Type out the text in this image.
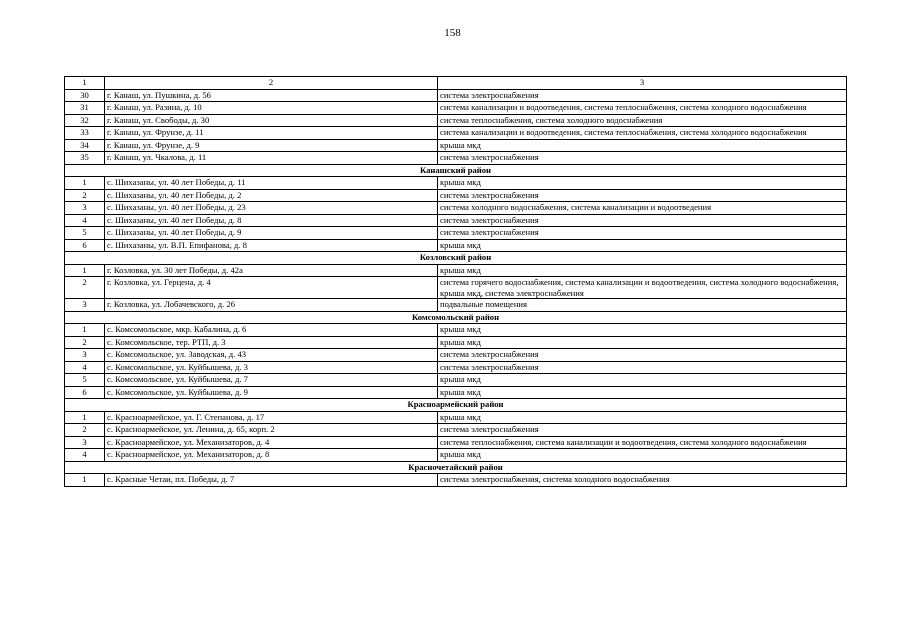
158
1	2	3
30	г. Канаш, ул. Пушкина, д. 56	система электроснабжения
31	г. Канаш, ул. Разина, д. 10	система канализации и водоотведения, система теплоснабжения, система холодного водоснабжения
32	г. Канаш, ул. Свободы, д. 30	система теплоснабжения, система холодного водоснабжения
33	г. Канаш, ул. Фрунзе, д. 11	система канализации и водоотведения, система теплоснабжения, система холодного водоснабжения
34	г. Канаш, ул. Фрунзе, д. 9	крыша мкд
35	г. Канаш, ул. Чкалова, д. 11	система электроснабжения
Канашский район		
1	с. Шихазаны, ул. 40 лет Победы, д. 11	крыша мкд
2	с. Шихазаны, ул. 40 лет Победы, д. 2	система электроснабжения
3	с. Шихазаны, ул. 40 лет Победы, д. 23	система холодного водоснабжения, система канализации и водоотведения
4	с. Шихазаны, ул. 40 лет Победы, д. 8	система электроснабжения
5	с. Шихазаны, ул. 40 лет Победы, д. 9	система электроснабжения
6	с. Шихазаны, ул. В.П. Епифанова, д. 8	крыша мкд
Козловский район		
1	г. Козловка, ул. 30 лет Победы, д. 42а	крыша мкд
2	г. Козловка, ул. Герцена, д. 4	система горячего водоснабжения, система канализации и водоотведения, система холодного водоснабжения, крыша мкд, система электроснабжения
3	г. Козловка, ул. Лобачевского, д. 26	подвальные помещения
Комсомольский район		
1	с. Комсомольское, мкр. Кабалина, д. 6	крыша мкд
2	с. Комсомольское, тер. РТП, д. 3	крыша мкд
3	с. Комсомольское, ул. Заводская, д. 43	система электроснабжения
4	с. Комсомольское, ул. Куйбышева, д. 3	система электроснабжения
5	с. Комсомольское, ул. Куйбышева, д. 7	крыша мкд
6	с. Комсомольское, ул. Куйбышева, д. 9	крыша мкд
Красноармейский район		
1	с. Красноармейское, ул. Г. Степанова, д. 17	крыша мкд
2	с. Красноармейское, ул. Ленина, д. 65, корп. 2	система электроснабжения
3	с. Красноармейское, ул. Механизаторов, д. 4	система теплоснабжения, система канализации и водоотведения, система холодного водоснабжения
4	с. Красноармейское, ул. Механизаторов, д. 8	крыша мкд
Красночетайский район		
1	с. Красные Четаи, пл. Победы, д. 7	система электроснабжения, система холодного водоснабжения
